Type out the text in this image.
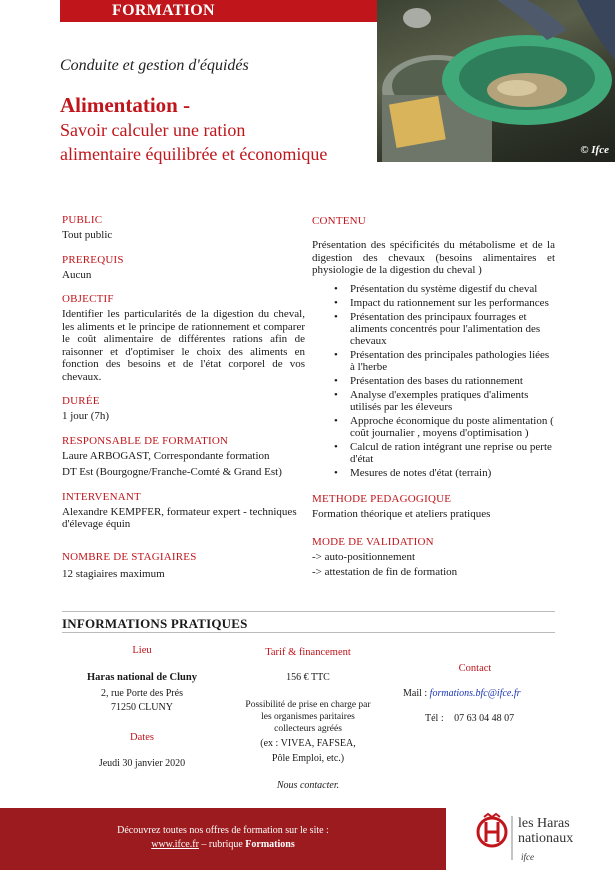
FORMATION
© Ifce
Conduite et gestion d'équidés
Alimentation -
Savoir calculer une ration
alimentaire équilibrée et économique
PUBLIC
Tout public
PREREQUIS
Aucun
OBJECTIF
Identifier les particularités de la digestion du cheval, les aliments et le principe de rationnement et comparer le coût alimentaire de différentes rations afin de raisonner et d'optimiser le choix des aliments en fonction des besoins et de l'état corporel de vos chevaux.
DURÉE
1 jour (7h)
RESPONSABLE DE FORMATION
Laure ARBOGAST, Correspondante formation
DT Est (Bourgogne/Franche-Comté & Grand Est)
INTERVENANT
Alexandre KEMPFER, formateur expert - techniques d'élevage équin
NOMBRE DE STAGIAIRES
12 stagiaires maximum
CONTENU
Présentation des spécificités du métabolisme et de la digestion des chevaux (besoins alimentaires et physiologie de la digestion du cheval )
• Présentation du système digestif du cheval
• Impact du rationnement sur les performances
• Présentation des principaux fourrages et aliments concentrés pour l'alimentation des chevaux
• Présentation des principales pathologies liées à l'herbe
• Présentation des bases du rationnement
• Analyse d'exemples pratiques d'aliments utilisés par les éleveurs
• Approche économique du poste alimentation ( coût journalier , moyens d'optimisation )
• Calcul de ration intégrant une reprise ou perte d'état
• Mesures de notes d'état (terrain)
METHODE PEDAGOGIQUE
Formation théorique et ateliers pratiques
MODE DE VALIDATION
-> auto-positionnement
-> attestation de fin de formation
INFORMATIONS PRATIQUES
Lieu
Haras national de Cluny
2, rue Porte des Prés
71250 CLUNY
Dates
Jeudi 30 janvier 2020
Tarif & financement
156 € TTC
Possibilité de prise en charge par
les organismes paritaires
collecteurs agréés
(ex : VIVEA, FAFSEA,
Pôle Emploi, etc.)
Nous contacter.
Contact
Mail : formations.bfc@ifce.fr
Tél : 07 63 04 48 07
Découvrez toutes nos offres de formation sur le site :
www.ifce.fr – rubrique Formations
les Haras
nationaux
ifce
